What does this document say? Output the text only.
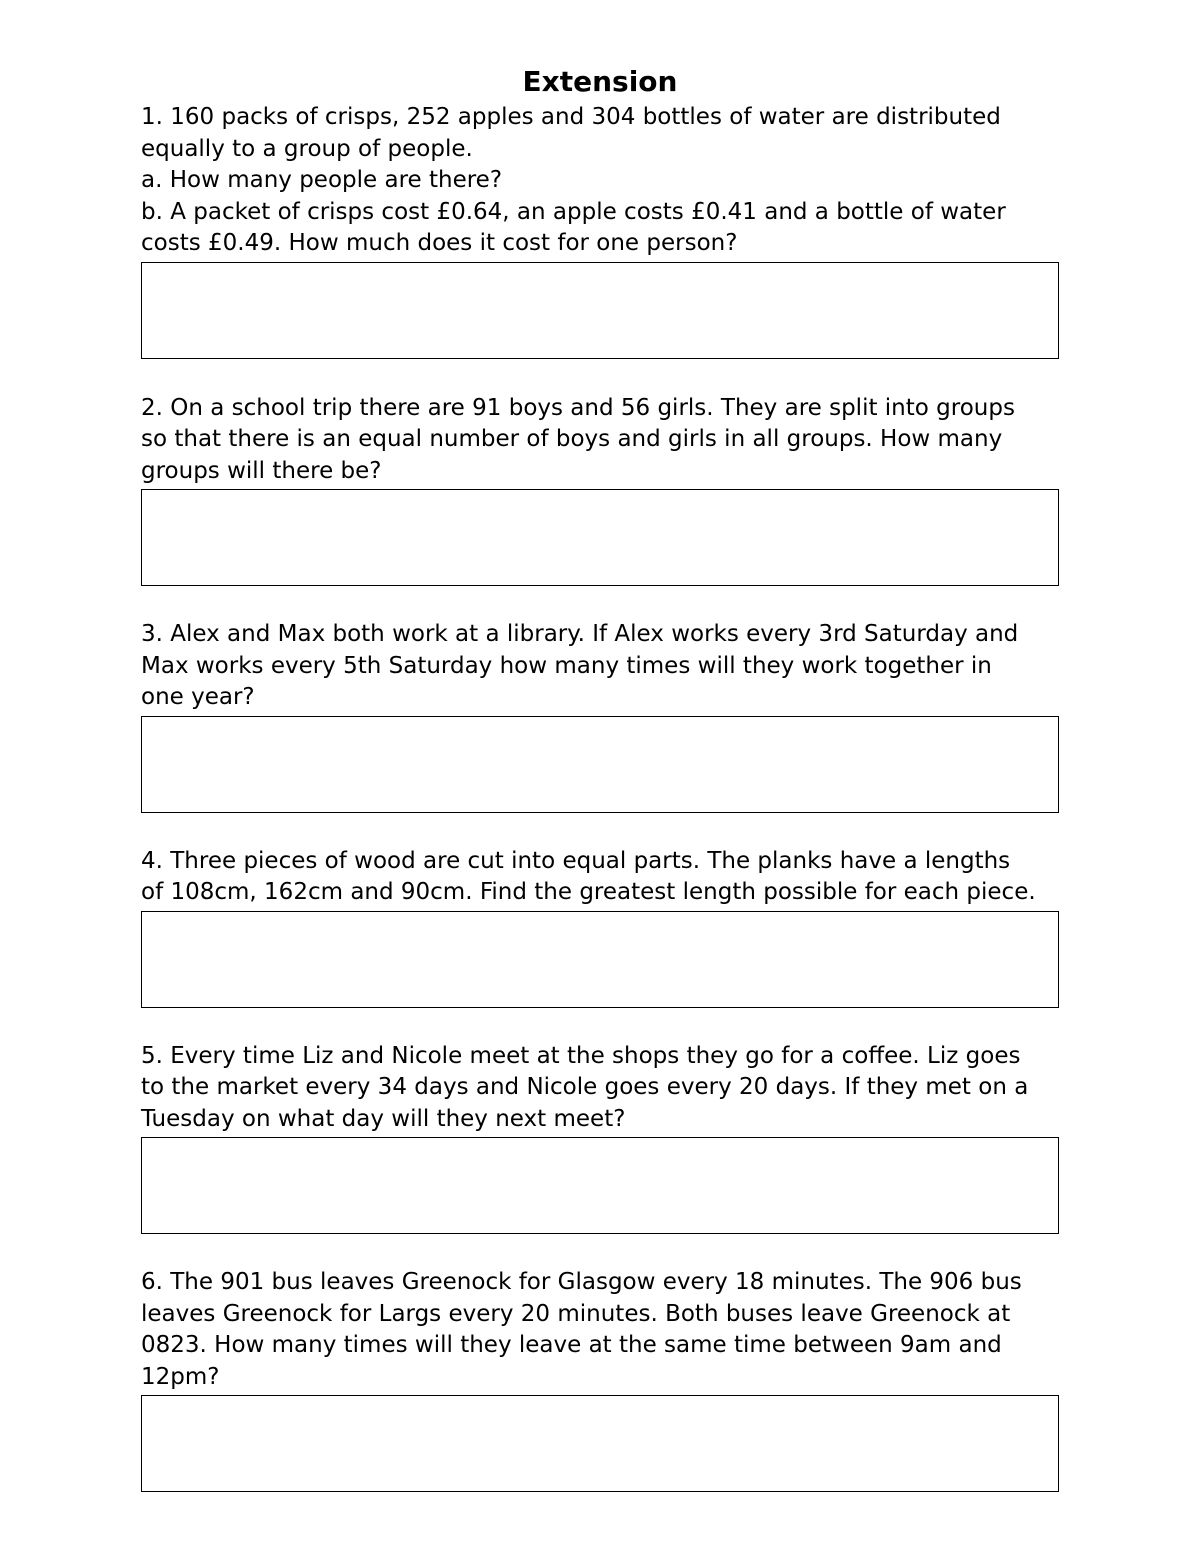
Extension

1. 160 packs of crisps, 252 apples and 304 bottles of water are distributed

equally to a group of people.

a. How many people are there?

b. A packet of crisps cost £0.64, an apple costs £0.41 and a bottle of water

costs £0.49. How much does it cost for one person?

2. On a school trip there are 91 boys and 56 girls. They are split into groups

so that there is an equal number of boys and girls in all groups. How many

groups will there be?

3. Alex and Max both work at a library. If Alex works every 3rd Saturday and

Max works every 5th Saturday how many times will they work together in

one year?

4. Three pieces of wood are cut into equal parts. The planks have a lengths

of 108cm, 162cm and 90cm. Find the greatest length possible for each piece.

5. Every time Liz and Nicole meet at the shops they go for a coffee. Liz goes

to the market every 34 days and Nicole goes every 20 days. If they met on a

Tuesday on what day will they next meet?

6. The 901 bus leaves Greenock for Glasgow every 18 minutes. The 906 bus

leaves Greenock for Largs every 20 minutes. Both buses leave Greenock at

0823. How many times will they leave at the same time between 9am and

12pm?
